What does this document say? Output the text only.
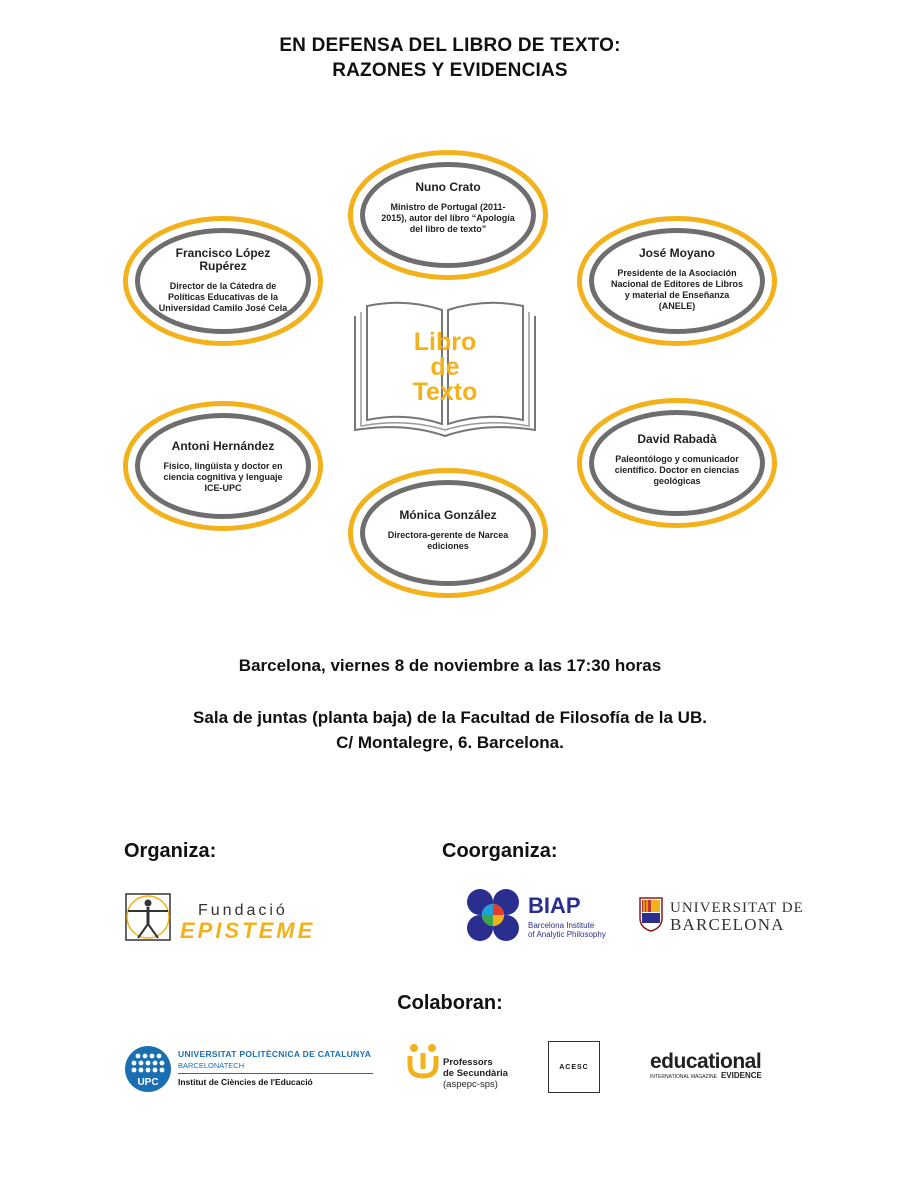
EN DEFENSA DEL LIBRO DE TEXTO:
RAZONES Y EVIDENCIAS
Nuno Crato
Ministro de Portugal (2011-2015), autor del libro “Apología del libro de texto”
Francisco López Rupérez
Director de la Cátedra de Políticas Educativas de la Universidad Camilo José Cela
José Moyano
Presidente de la Asociación Nacional de Editores de Libros y material de Enseñanza (ANELE)
Antoni Hernández
Físico, lingüista y doctor en ciencia cognitiva y lenguaje ICE-UPC
David Rabadà
Paleontólogo y comunicador científico. Doctor en ciencias geológicas
Mónica González
Directora-gerente de Narcea ediciones
Libro
de
Texto
Barcelona, viernes 8 de noviembre a las 17:30 horas
Sala de juntas (planta baja) de la Facultad de Filosofía de la UB.
C/ Montalegre, 6. Barcelona.
Organiza:	Coorganiza:
Colaboran:
Fundació
EPISTEME
BIAP
Barcelona Institute
of Analytic Philosophy
UNIVERSITAT DE
BARCELONA
UPC
UNIVERSITAT POLITÈCNICA DE CATALUNYA
BARCELONATECH
Institut de Ciències de l'Educació
Professors
de Secundària
(aspepc-sps)
ACESC	educational
INTERNATIONAL MAGAZINE EVIDENCE
